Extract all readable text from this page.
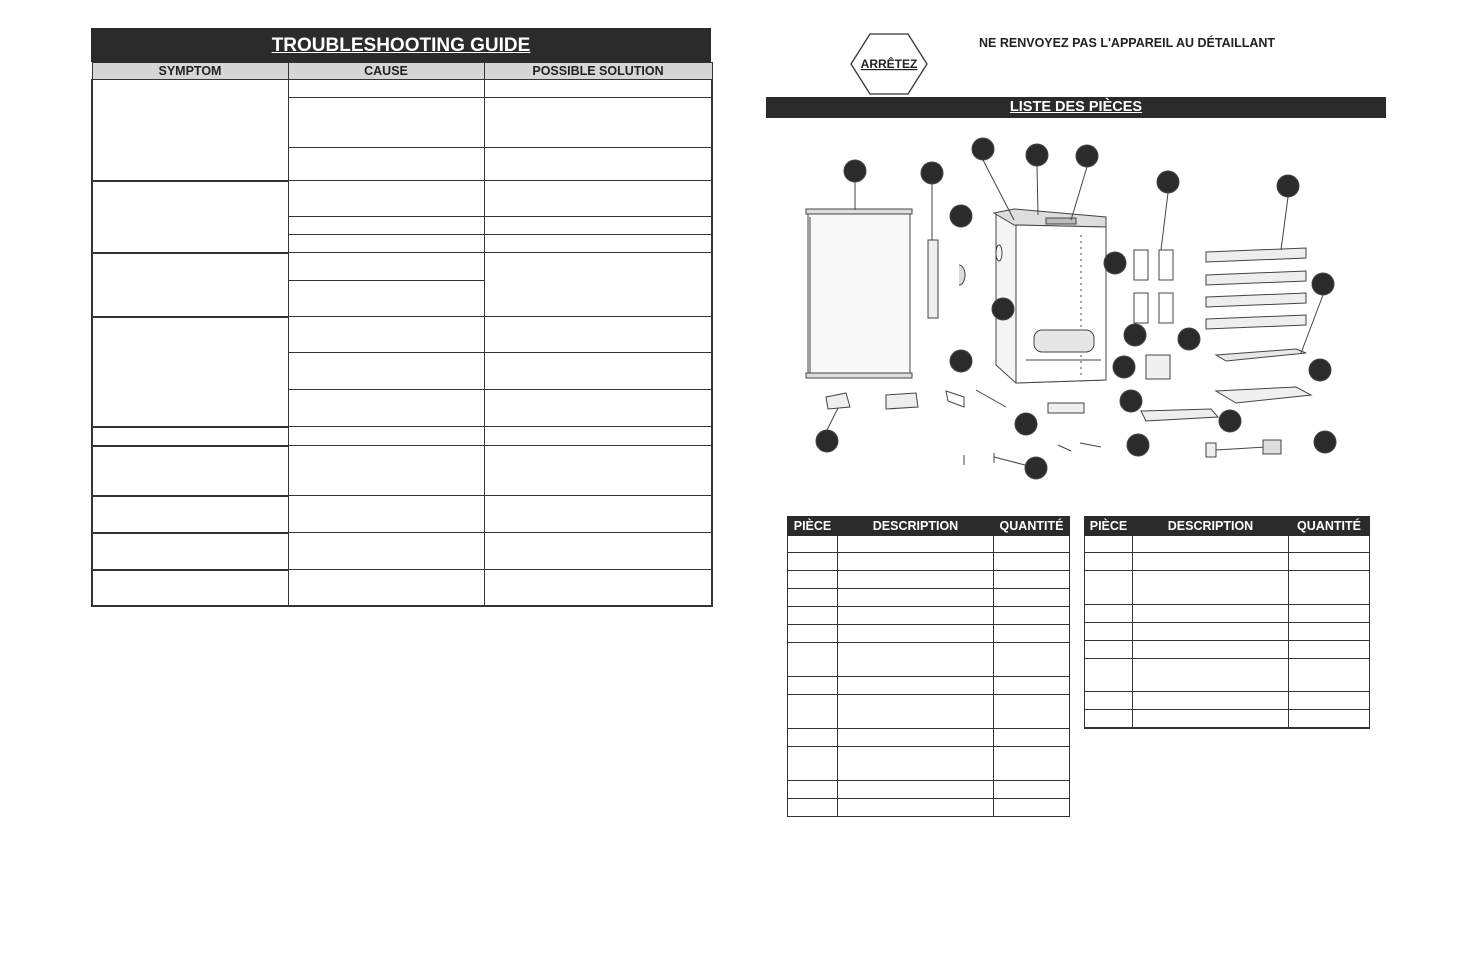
TROUBLESHOOTING GUIDE
SYMPTOM	CAUSE	POSSIBLE SOLUTION

			ARRÊTEZ
NE RENVOYEZ PAS L'APPAREIL AU DÉTAILLANT
LISTE DES PIÈCES
PIÈCE	DESCRIPTION	QUANTITÉ

		PIÈCE	DESCRIPTION	QUANTITÉ
